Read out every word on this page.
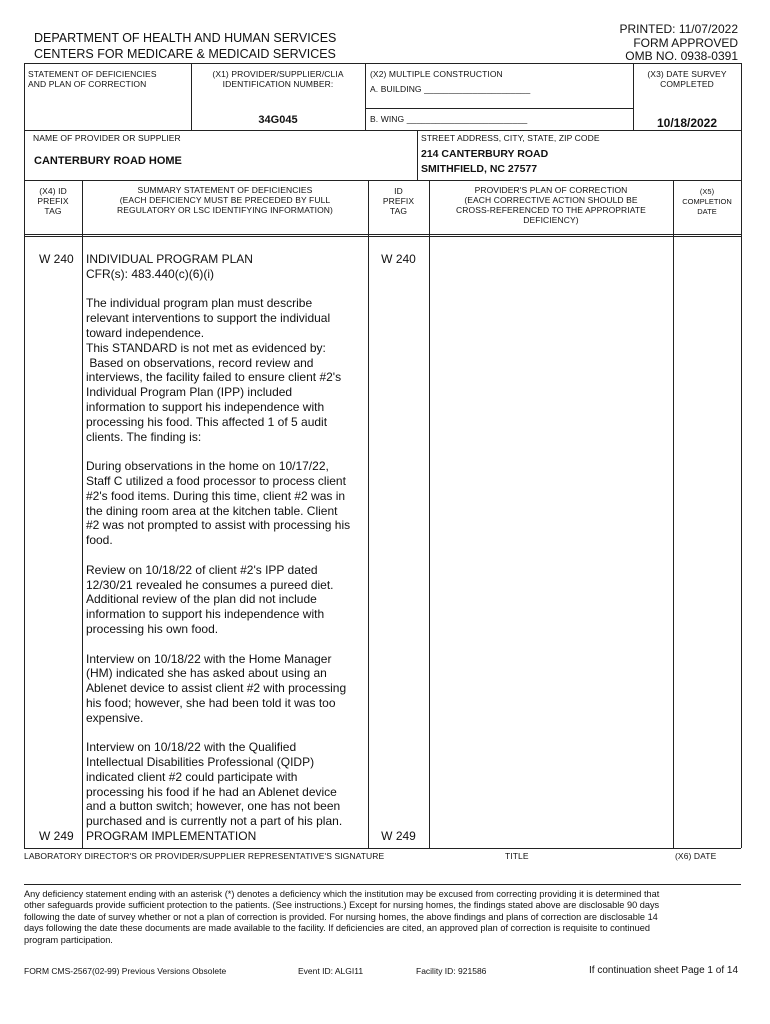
DEPARTMENT OF HEALTH AND HUMAN SERVICES
CENTERS FOR MEDICARE & MEDICAID SERVICES
PRINTED: 11/07/2022
FORM APPROVED
OMB NO. 0938-0391
STATEMENT OF DEFICIENCIES
AND PLAN OF CORRECTION
(X1) PROVIDER/SUPPLIER/CLIA
IDENTIFICATION NUMBER:
34G045
(X2) MULTIPLE CONSTRUCTION
A. BUILDING ______________________
B. WING _________________________
(X3) DATE SURVEY
COMPLETED
10/18/2022
NAME OF PROVIDER OR SUPPLIER
CANTERBURY ROAD HOME
STREET ADDRESS, CITY, STATE, ZIP CODE
214 CANTERBURY ROAD
SMITHFIELD, NC 27577
(X4) ID
PREFIX
TAG
SUMMARY STATEMENT OF DEFICIENCIES
(EACH DEFICIENCY MUST BE PRECEDED BY FULL
REGULATORY OR LSC IDENTIFYING INFORMATION)
ID
PREFIX
TAG
PROVIDER'S PLAN OF CORRECTION
(EACH CORRECTIVE ACTION SHOULD BE
CROSS-REFERENCED TO THE APPROPRIATE
DEFICIENCY)
(X5)
COMPLETION
DATE
W 240	W 240
INDIVIDUAL PROGRAM PLAN
CFR(s): 483.440(c)(6)(i)
The individual program plan must describe
relevant interventions to support the individual
toward independence.
This STANDARD is not met as evidenced by:
Based on observations, record review and
interviews, the facility failed to ensure client #2's
Individual Program Plan (IPP) included
information to support his independence with
processing his food. This affected 1 of 5 audit
clients. The finding is:
During observations in the home on 10/17/22,
Staff C utilized a food processor to process client
#2's food items. During this time, client #2 was in
the dining room area at the kitchen table. Client
#2 was not prompted to assist with processing his
food.
Review on 10/18/22 of client #2's IPP dated
12/30/21 revealed he consumes a pureed diet.
Additional review of the plan did not include
information to support his independence with
processing his own food.
Interview on 10/18/22 with the Home Manager
(HM) indicated she has asked about using an
Ablenet device to assist client #2 with processing
his food; however, she had been told it was too
expensive.
Interview on 10/18/22 with the Qualified
Intellectual Disabilities Professional (QIDP)
indicated client #2 could participate with
processing his food if he had an Ablenet device
and a button switch; however, one has not been
purchased and is currently not a part of his plan.
W 249 PROGRAM IMPLEMENTATION	W 249
LABORATORY DIRECTOR'S OR PROVIDER/SUPPLIER REPRESENTATIVE'S SIGNATURE	TITLE	(X6) DATE
Any deficiency statement ending with an asterisk (*) denotes a deficiency which the institution may be excused from correcting providing it is determined that
other safeguards provide sufficient protection to the patients. (See instructions.) Except for nursing homes, the findings stated above are disclosable 90 days
following the date of survey whether or not a plan of correction is provided. For nursing homes, the above findings and plans of correction are disclosable 14
days following the date these documents are made available to the facility. If deficiencies are cited, an approved plan of correction is requisite to continued
program participation.
FORM CMS-2567(02-99) Previous Versions Obsolete	Event ID: ALGI11	Facility ID: 921586	If continuation sheet Page 1 of 14
